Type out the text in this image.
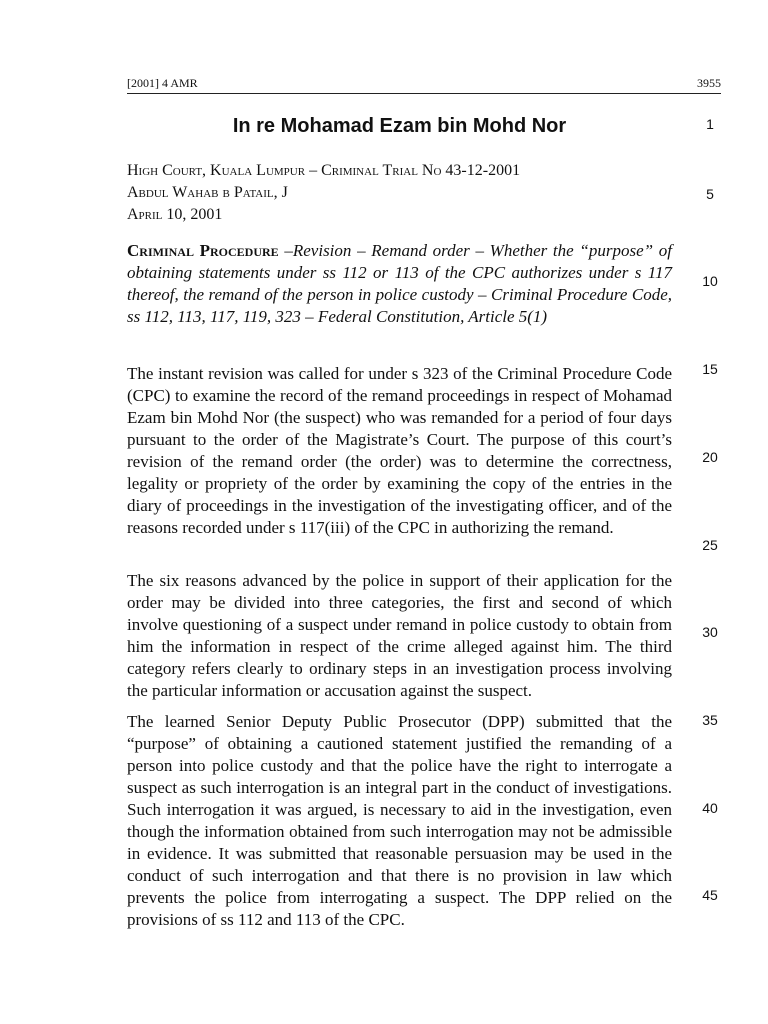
[2001] 4 AMR	3955
In re Mohamad Ezam bin Mohd Nor
High Court, Kuala Lumpur – Criminal Trial No 43-12-2001
Abdul Wahab b Patail, J
April 10, 2001
Criminal Procedure –Revision – Remand order – Whether the “purpose” of obtaining statements under ss 112 or 113 of the CPC authorizes under s 117 thereof, the remand of the person in police custody – Criminal Procedure Code, ss 112, 113, 117, 119, 323 – Federal Constitution, Article 5(1)
The instant revision was called for under s 323 of the Criminal Procedure Code (CPC) to examine the record of the remand proceedings in respect of Mohamad Ezam bin Mohd Nor (the suspect) who was remanded for a period of four days pursuant to the order of the Magistrate’s Court. The purpose of this court’s revision of the remand order (the order) was to determine the correctness, legality or propriety of the order by examining the copy of the entries in the diary of proceedings in the investigation of the investigating officer, and of the reasons recorded under s 117(iii) of the CPC in authorizing the remand.
The six reasons advanced by the police in support of their application for the order may be divided into three categories, the first and second of which involve questioning of a suspect under remand in police custody to obtain from him the information in respect of the crime alleged against him. The third category refers clearly to ordinary steps in an investigation process involving the particular information or accusation against the suspect.
The learned Senior Deputy Public Prosecutor (DPP) submitted that the “purpose” of obtaining a cautioned statement justified the remanding of a person into police custody and that the police have the right to interrogate a suspect as such interrogation is an integral part in the conduct of investigations. Such interrogation it was argued, is necessary to aid in the investigation, even though the information obtained from such interrogation may not be admissible in evidence. It was submitted that reasonable persuasion may be used in the conduct of such interrogation and that there is no provision in law which prevents the police from interrogating a suspect. The DPP relied on the provisions of ss 112 and 113 of the CPC.
1
5
10
15
20
25
30
35
40
45
